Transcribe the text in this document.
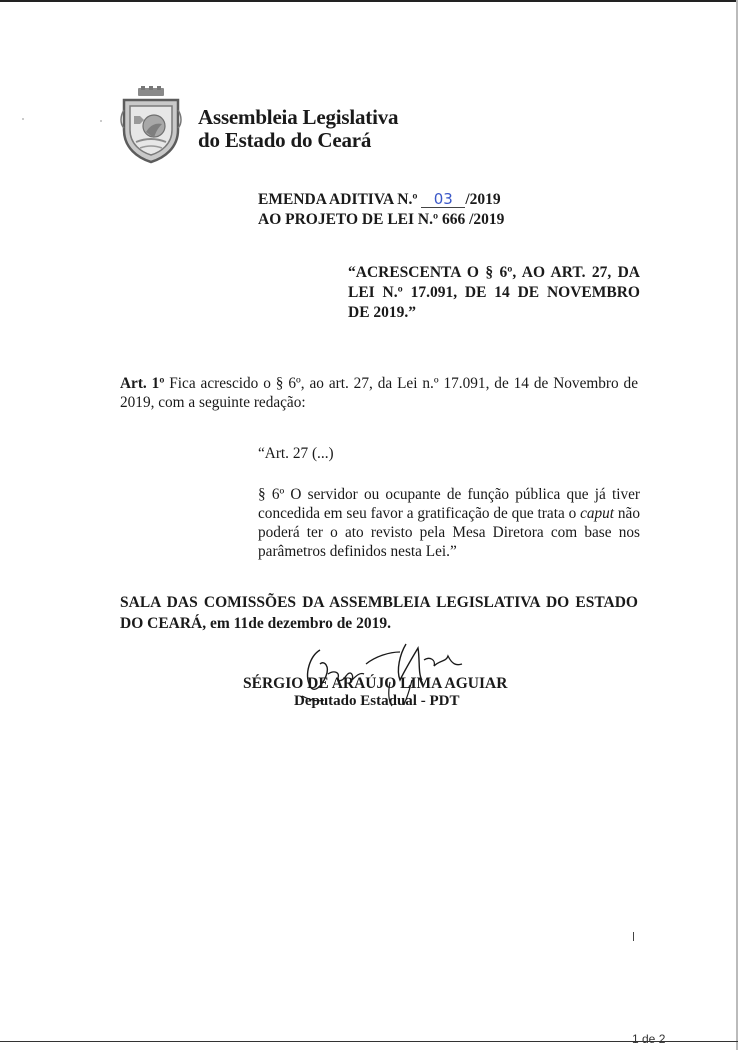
Assembleia Legislativa
do Estado do Ceará
EMENDA ADITIVA N.º 03 /2019
AO PROJETO DE LEI N.º 666 /2019
“ACRESCENTA O § 6º, AO ART. 27, DA LEI N.º 17.091, DE 14 DE NOVEMBRO DE 2019.”
Art. 1º Fica acrescido o § 6º, ao art. 27, da Lei n.º 17.091, de 14 de Novembro de 2019, com a seguinte redação:
“Art. 27 (...)
§ 6º O servidor ou ocupante de função pública que já tiver concedida em seu favor a gratificação de que trata o caput não poderá ter o ato revisto pela Mesa Diretora com base nos parâmetros definidos nesta Lei.”
SALA DAS COMISSÕES DA ASSEMBLEIA LEGISLATIVA DO ESTADO DO CEARÁ, em 11de dezembro de 2019.
SÉRGIO DE ARAÚJO LIMA AGUIAR
Deputado Estadual - PDT
1 de 2
